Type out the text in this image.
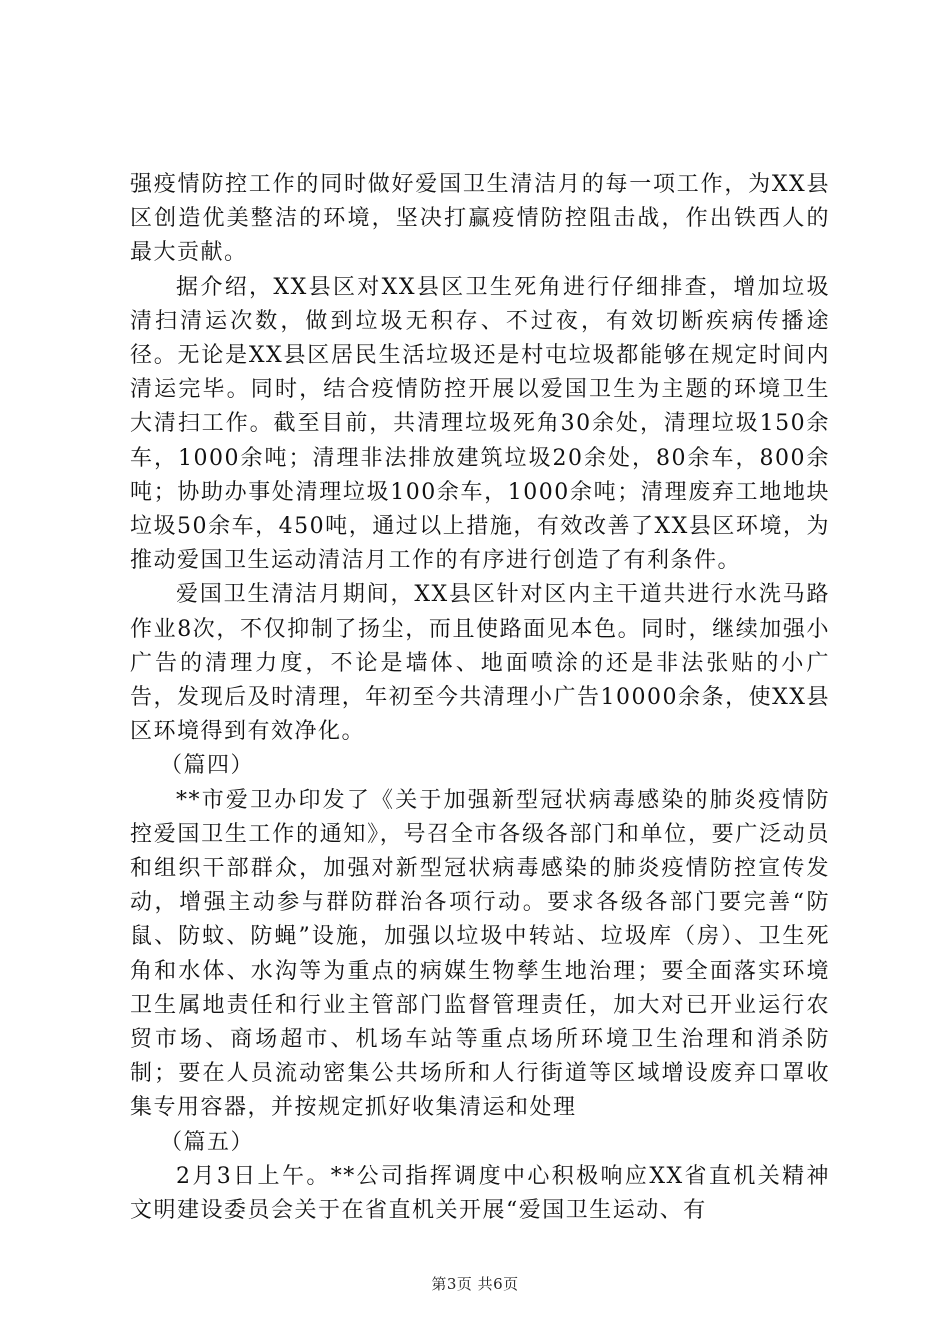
强疫情防控工作的同时做好爱国卫生清洁月的每一项工作，为XX县区创造优美整洁的环境，坚决打赢疫情防控阻击战，作出铁西人的最大贡献。

据介绍，XX县区对XX县区卫生死角进行仔细排查，增加垃圾清扫清运次数，做到垃圾无积存、不过夜，有效切断疾病传播途径。无论是XX县区居民生活垃圾还是村屯垃圾都能够在规定时间内清运完毕。同时，结合疫情防控开展以爱国卫生为主题的环境卫生大清扫工作。截至目前，共清理垃圾死角30余处，清理垃圾150余车，1000余吨；清理非法排放建筑垃圾20余处，80余车，800余吨；协助办事处清理垃圾100余车，1000余吨；清理废弃工地地块垃圾50余车，450吨，通过以上措施，有效改善了XX县区环境，为推动爱国卫生运动清洁月工作的有序进行创造了有利条件。

爱国卫生清洁月期间，XX县区针对区内主干道共进行水洗马路作业8次，不仅抑制了扬尘，而且使路面见本色。同时，继续加强小广告的清理力度，不论是墙体、地面喷涂的还是非法张贴的小广告，发现后及时清理，年初至今共清理小广告10000余条，使XX县区环境得到有效净化。

（篇四）

**市爱卫办印发了《关于加强新型冠状病毒感染的肺炎疫情防控爱国卫生工作的通知》，号召全市各级各部门和单位，要广泛动员和组织干部群众，加强对新型冠状病毒感染的肺炎疫情防控宣传发动，增强主动参与群防群治各项行动。要求各级各部门要完善“防鼠、防蚊、防蝇”设施，加强以垃圾中转站、垃圾库（房）、卫生死角和水体、水沟等为重点的病媒生物孳生地治理；要全面落实环境卫生属地责任和行业主管部门监督管理责任，加大对已开业运行农贸市场、商场超市、机场车站等重点场所环境卫生治理和消杀防制；要在人员流动密集公共场所和人行街道等区域增设废弃口罩收集专用容器，并按规定抓好收集清运和处理

（篇五）

2月3日上午。**公司指挥调度中心积极响应XX省直机关精神文明建设委员会关于在省直机关开展“爱国卫生运动、有

第3页 共6页
